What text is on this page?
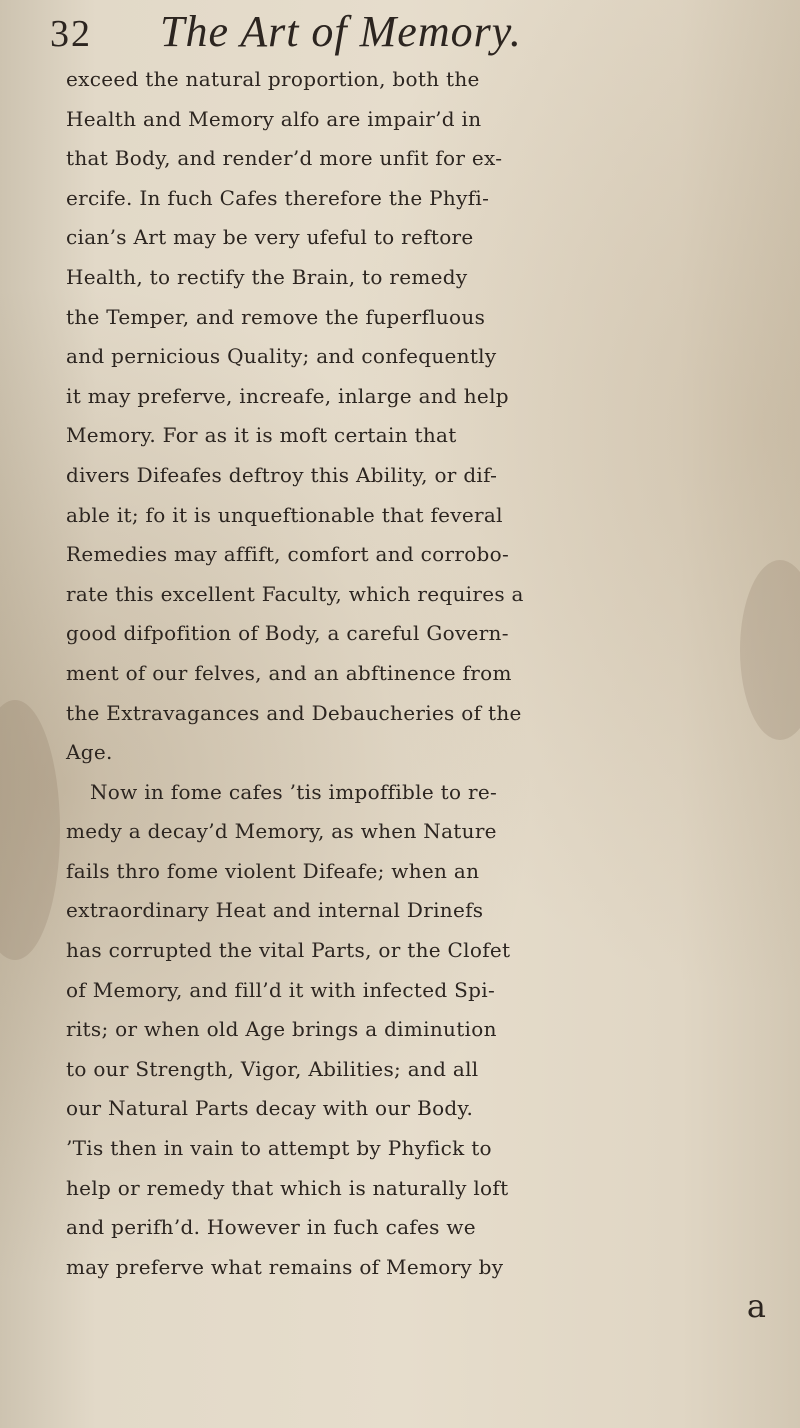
32	The Art of Memory.
exceed the natural proportion, both the
Health and Memory alfo are impair’d in
that Body, and render’d more unfit for ex-
ercife. In fuch Cafes therefore the Phyfi-
cian’s Art may be very ufeful to reftore
Health, to rectify the Brain, to remedy
the Temper, and remove the fuperfluous
and pernicious Quality; and confequently
it may preferve, increafe, inlarge and help
Memory. For as it is moft certain that
divers Difeafes deftroy this Ability, or dif-
able it; fo it is unqueftionable that feveral
Remedies may affift, comfort and corrobo-
rate this excellent Faculty, which requires a
good difpofition of Body, a careful Govern-
ment of our felves, and an abftinence from
the Extravagances and Debaucheries of the
Age.
Now in fome cafes ’tis impoffible to re-
medy a decay’d Memory, as when Nature
fails thro fome violent Difeafe; when an
extraordinary Heat and internal Drinefs
has corrupted the vital Parts, or the Clofet
of Memory, and fill’d it with infected Spi-
rits; or when old Age brings a diminution
to our Strength, Vigor, Abilities; and all
our Natural Parts decay with our Body.
’Tis then in vain to attempt by Phyfick to
help or remedy that which is naturally loft
and perifh’d. However in fuch cafes we
may preferve what remains of Memory by
a
